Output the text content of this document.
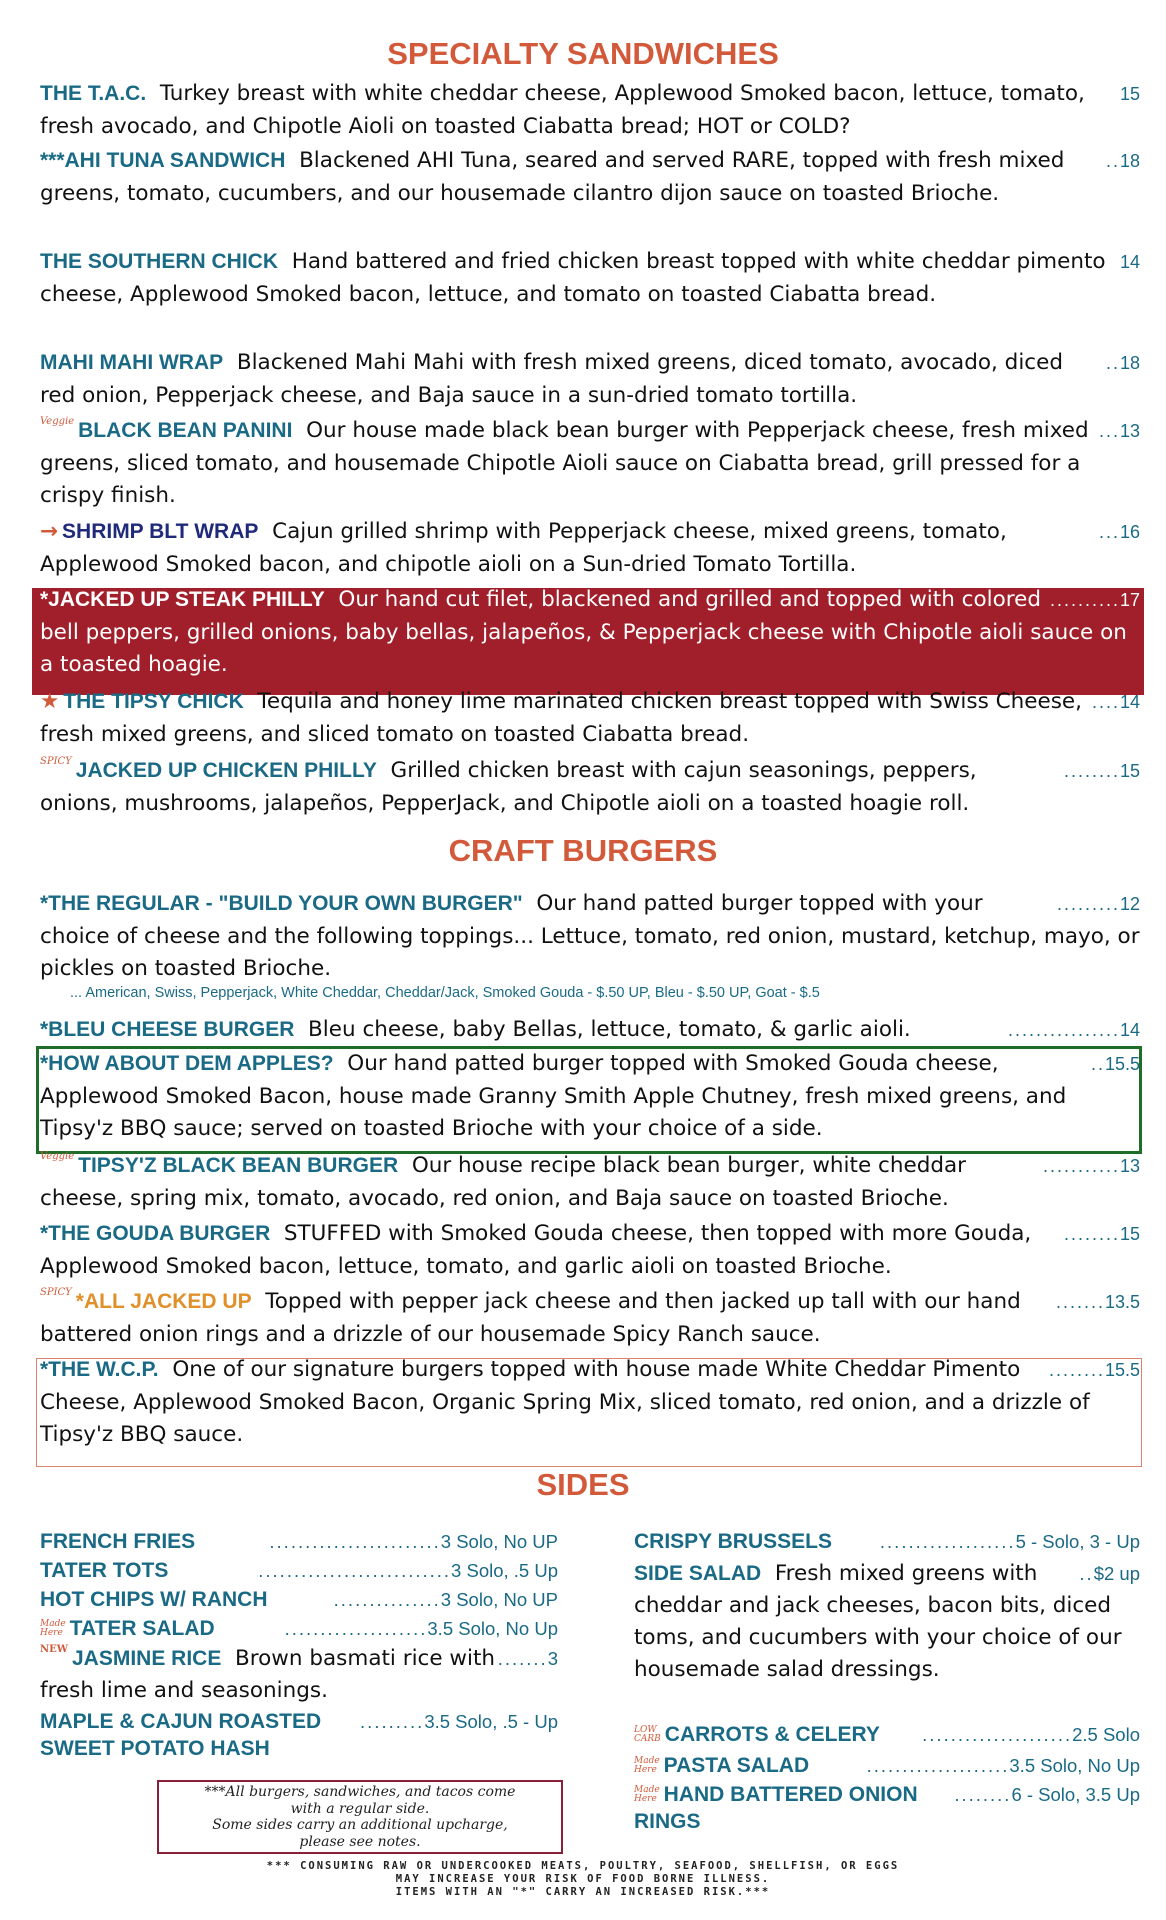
SPECIALTY SANDWICHES
15
THE T.A.C. Turkey breast with white cheddar cheese, Applewood Smoked bacon, lettuce, tomato, fresh avocado, and Chipotle Aioli on toasted Ciabatta bread; HOT or COLD?
..18
***AHI TUNA SANDWICH Blackened AHI Tuna, seared and served RARE, topped with fresh mixed greens, tomato, cucumbers, and our housemade cilantro dijon sauce on toasted Brioche.
14
THE SOUTHERN CHICK Hand battered and fried chicken breast topped with white cheddar pimento cheese, Applewood Smoked bacon, lettuce, and tomato on toasted Ciabatta bread.
..18
MAHI MAHI WRAP Blackened Mahi Mahi with fresh mixed greens, diced tomato, avocado, diced red onion, Pepperjack cheese, and Baja sauce in a sun-dried tomato tortilla.
...13
$^{Veggie}$ BLACK BEAN PANINI Our house made black bean burger with Pepperjack cheese, fresh mixed greens, sliced tomato, and housemade Chipotle Aioli sauce on Ciabatta bread, grill pressed for a crispy finish.
...16
→ SHRIMP BLT WRAP Cajun grilled shrimp with Pepperjack cheese, mixed greens, tomato, Applewood Smoked bacon, and chipotle aioli on a Sun-dried Tomato Tortilla.
..........17
*JACKED UP STEAK PHILLY Our hand cut filet, blackened and grilled and topped with colored bell peppers, grilled onions, baby bellas, jalapeños, & Pepperjack cheese with Chipotle aioli sauce on a toasted hoagie.
....14
★ THE TIPSY CHICK Tequila and honey lime marinated chicken breast topped with Swiss Cheese, fresh mixed greens, and sliced tomato on toasted Ciabatta bread.
........15
$^{SPICY}$ JACKED UP CHICKEN PHILLY Grilled chicken breast with cajun seasonings, peppers, onions, mushrooms, jalapeños, PepperJack, and Chipotle aioli on a toasted hoagie roll.
CRAFT BURGERS
.........12
*THE REGULAR - "BUILD YOUR OWN BURGER" Our hand patted burger topped with your choice of cheese and the following toppings... Lettuce, tomato, red onion, mustard, ketchup, mayo, or pickles on toasted Brioche.
... American, Swiss, Pepperjack, White Cheddar, Cheddar/Jack, Smoked Gouda - $.50 UP, Bleu - $.50 UP, Goat - $.5
................14
*BLEU CHEESE BURGER Bleu cheese, baby Bellas, lettuce, tomato, & garlic aioli.
..15.5
*HOW ABOUT DEM APPLES? Our hand patted burger topped with Smoked Gouda cheese, Applewood Smoked Bacon, house made Granny Smith Apple Chutney, fresh mixed greens, and Tipsy'z BBQ sauce; served on toasted Brioche with your choice of a side.
...........13
$^{Veggie}$ TIPSY'Z BLACK BEAN BURGER Our house recipe black bean burger, white cheddar cheese, spring mix, tomato, avocado, red onion, and Baja sauce on toasted Brioche.
........15
*THE GOUDA BURGER STUFFED with Smoked Gouda cheese, then topped with more Gouda, Applewood Smoked bacon, lettuce, tomato, and garlic aioli on toasted Brioche.
.......13.5
$^{SPICY}$ *ALL JACKED UP Topped with pepper jack cheese and then jacked up tall with our hand battered onion rings and a drizzle of our housemade Spicy Ranch sauce.
........15.5
*THE W.C.P. One of our signature burgers topped with house made White Cheddar Pimento Cheese, Applewood Smoked Bacon, Organic Spring Mix, sliced tomato, red onion, and a drizzle of Tipsy'z BBQ sauce.
SIDES
........................3 Solo, No UP
FRENCH FRIES
...........................3 Solo, .5 Up
TATER TOTS
...............3 Solo, No UP
HOT CHIPS W/ RANCH
....................3.5 Solo, No Up
Made
Here TATER SALAD
.......3
$^{NEW}$ JASMINE RICE Brown basmati rice with fresh lime and seasonings.
.........3.5 Solo, .5 - Up
MAPLE & CAJUN ROASTED
SWEET POTATO HASH
...................5 - Solo, 3 - Up
CRISPY BRUSSELS
..$2 up
SIDE SALAD Fresh mixed greens with cheddar and jack cheeses, bacon bits, diced toms, and cucumbers with your choice of our housemade salad dressings.
.....................2.5 Solo
LOW
CARB CARROTS & CELERY
....................3.5 Solo, No Up
Made
Here PASTA SALAD
........6 - Solo, 3.5 Up
Made
Here HAND BATTERED ONION
RINGS
***All burgers, sandwiches, and tacos come
with a regular side.
Some sides carry an additional upcharge,
please see notes.
*** CONSUMING RAW OR UNDERCOOKED MEATS, POULTRY, SEAFOOD, SHELLFISH, OR EGGS
MAY INCREASE YOUR RISK OF FOOD BORNE ILLNESS.
ITEMS WITH AN "*" CARRY AN INCREASED RISK.***
